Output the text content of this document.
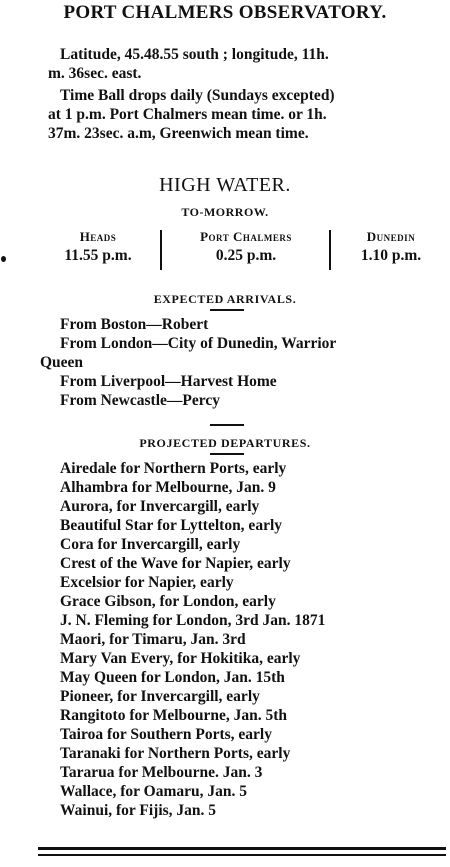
PORT CHALMERS OBSERVATORY.
Latitude, 45.48.55 south ; longitude, 11h.
m. 36sec. east.
Time Ball drops daily (Sundays excepted)
at 1 p.m. Port Chalmers mean time. or 1h.
37m. 23sec. a.m, Greenwich mean time.
HIGH WATER.
TO-MORROW.
Heads
11.55 p.m.
Port Chalmers
0.25 p.m.
Dunedin
1.10 p.m.
EXPECTED ARRIVALS.
From Boston—Robert
From London—City of Dunedin, Warrior
Queen
From Liverpool—Harvest Home
From Newcastle—Percy
PROJECTED DEPARTURES.
Airedale for Northern Ports, early
Alhambra for Melbourne, Jan. 9
Aurora, for Invercargill, early
Beautiful Star for Lyttelton, early
Cora for Invercargill, early
Crest of the Wave for Napier, early
Excelsior for Napier, early
Grace Gibson, for London, early
J. N. Fleming for London, 3rd Jan. 1871
Maori, for Timaru, Jan. 3rd
Mary Van Every, for Hokitika, early
May Queen for London, Jan. 15th
Pioneer, for Invercargill, early
Rangitoto for Melbourne, Jan. 5th
Tairoa for Southern Ports, early
Taranaki for Northern Ports, early
Tararua for Melbourne. Jan. 3
Wallace, for Oamaru, Jan. 5
Wainui, for Fijis, Jan. 5
